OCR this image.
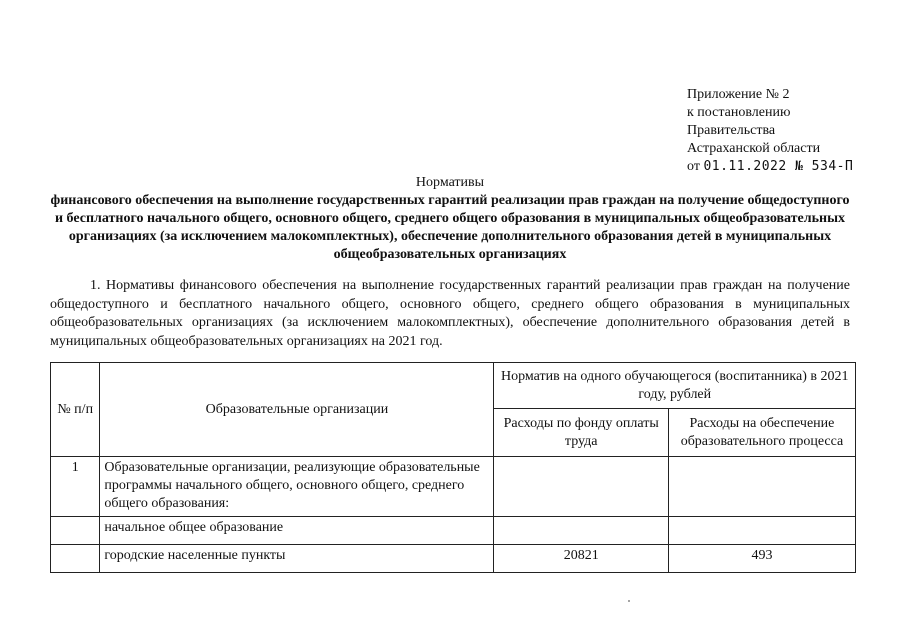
Приложение № 2
к постановлению
Правительства
Астраханской области
от 01.11.2022 № 534-П
Нормативы
финансового обеспечения на выполнение государственных гарантий реализации прав граждан на получение общедоступного и бесплатного начального общего, основного общего, среднего общего образования в муниципальных общеобразовательных организациях (за исключением малокомплектных), обеспечение дополнительного образования детей в муниципальных общеобразовательных организациях
1. Нормативы финансового обеспечения на выполнение государственных гарантий реализации прав граждан на получение общедоступного и бесплатного начального общего, основного общего, среднего общего образования в муниципальных общеобразовательных организациях (за исключением малокомплектных), обеспечение дополнительного образования детей в муниципальных общеобразовательных организациях на 2021 год.
№ п/п	Образовательные организации	Норматив на одного обучающегося (воспитанника) в 2021 году, рублей	
		Расходы по фонду оплаты труда	Расходы на обеспечение образовательного процесса
1	Образовательные организации, реализующие образовательные программы начального общего, основного общего, среднего общего образования:		
	начальное общее образование		
	городские населенные пункты	20821	493
